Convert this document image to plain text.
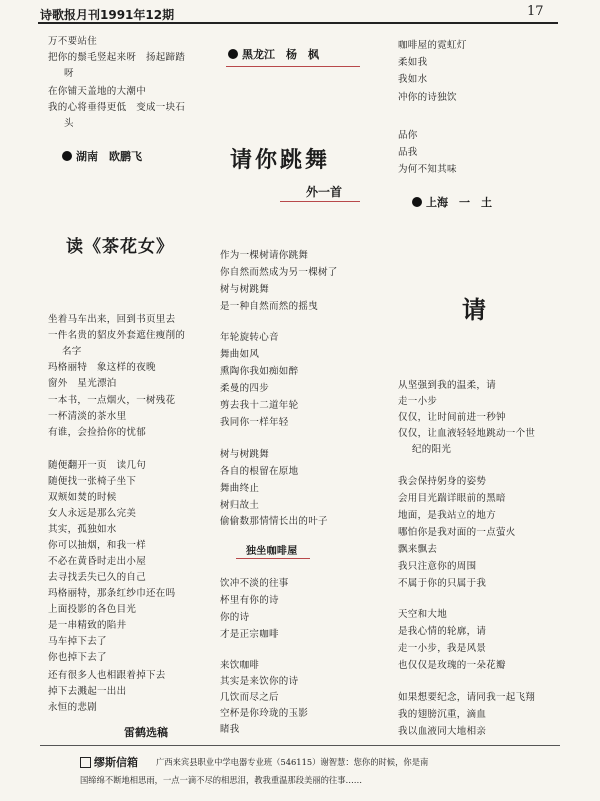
诗歌报月刊1991年12期	17
万不要站住
把你的鬃毛竖起来呀　扬起蹄踏
呀
在你铺天盖地的大潮中
我的心将垂得更低　变成一块石
头
湖南　欧鹏飞
黑龙江　杨　枫
咖啡屋的霓虹灯
柔如我
我如水
冲你的诗独饮
品你
品我
为何不知其味
上海　一　土
请你跳舞
外一首
读《茶花女》
坐着马车出来，回到书页里去
一件名贵的貂皮外套遮住瘦削的
名字
玛格丽特　象这样的夜晚
窗外　星光漂泊
一本书，一点烟火，一树残花
一杯清淡的茶水里
有谁，会捡拾你的忧郁
随便翻开一页　读几句
随便找一张椅子坐下
双颊如焚的时候
女人永远是那么完美
其实，孤独如水
你可以抽烟，和我一样
不必在黄昏时走出小屋
去寻找丢失已久的自己
玛格丽特，那条红纱巾还在吗
上面投影的各色目光
是一串精致的陷井
马车掉下去了
你也掉下去了
还有很多人也相跟着掉下去
掉下去溅起一出出
永恒的悲剧
雷鹤选稿
作为一棵树请你跳舞
你自然而然成为另一棵树了
树与树跳舞
是一种自然而然的摇曳
年轮旋转心音
舞曲如风
熏陶你我如痴如醉
柔曼的四步
剪去我十二道年轮
我同你一样年轻
树与树跳舞
各自的根留在原地
舞曲终止
树归故土
偷偷数那情情长出的叶子
独坐咖啡屋
饮冲不淡的往事
杯里有你的诗
你的诗
才是正宗咖啡
来饮咖啡
其实是来饮你的诗
几饮而尽之后
空杯是你玲珑的玉影
睹我
请
从坚强到我的温柔，请
走一小步
仅仅，让时间前进一秒钟
仅仅，让血液轻轻地跳动一个世
纪的阳光
我会保持躬身的姿势
会用目光踹详眼前的黑暗
地面，是我站立的地方
哪怕你是我对面的一点萤火
飘来飘去
我只注意你的周围
不属于你的只属于我
天空和大地
是我心情的轮廓，请
走一小步，我是风景
也仅仅是玫瑰的一朵花瓣
如果想要纪念，请同我一起飞翔
我的翅膀沉重，滴血
我以血液同大地相亲
缪斯信箱 广西来宾县职业中学电器专业班（546115）谢智慧：您你的时候，你是南
国缔绵不断地相思雨，一点一滴不尽的相思泪，教我重温那段美丽的往事……
